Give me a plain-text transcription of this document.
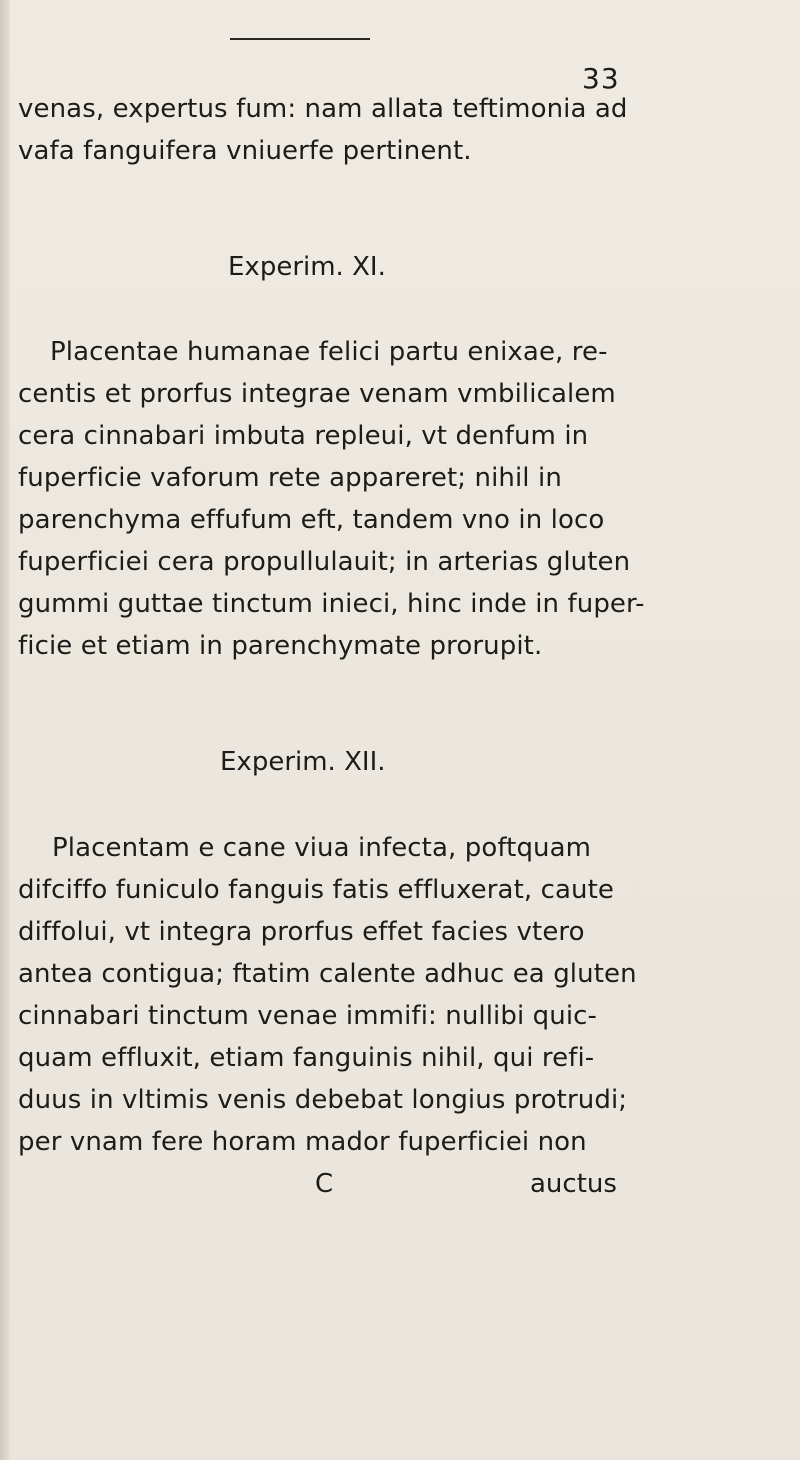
33
venas, expertus fum: nam allata teftimonia ad
vafa fanguifera vniuerfe pertinent.
Experim. XI.
Placentae humanae felici partu enixae, re-
centis et prorfus integrae venam vmbilicalem
cera cinnabari imbuta repleui, vt denfum in
fuperficie vaforum rete appareret; nihil in
parenchyma effufum eft, tandem vno in loco
fuperficiei cera propullulauit; in arterias gluten
gummi guttae tinctum inieci, hinc inde in fuper-
ficie et etiam in parenchymate prorupit.
Experim. XII.
Placentam e cane viua infecta, poftquam
difciffo funiculo fanguis fatis effluxerat, caute
diffolui, vt integra prorfus effet facies vtero
antea contigua; ftatim calente adhuc ea gluten
cinnabari tinctum venae immifi: nullibi quic-
quam effluxit, etiam fanguinis nihil, qui refi-
duus in vltimis venis debebat longius protrudi;
per vnam fere horam mador fuperficiei non
C	auctus
